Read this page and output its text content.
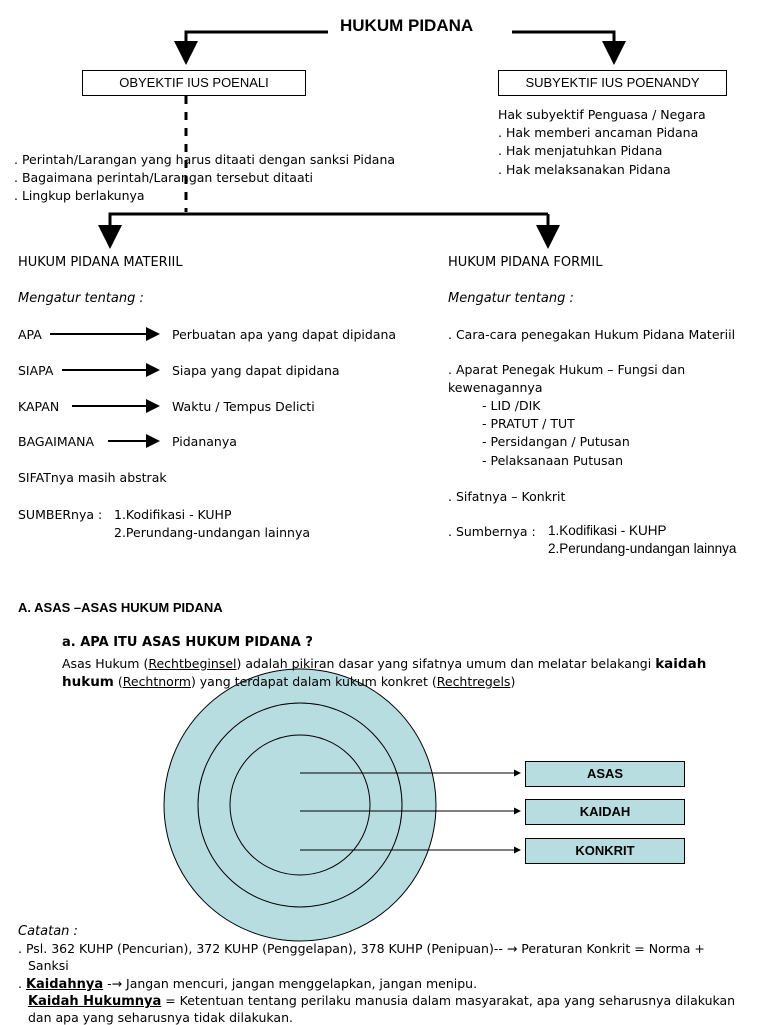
HUKUM PIDANA
OBYEKTIF IUS POENALI	SUBYEKTIF IUS POENANDY
Hak subyektif Penguasa / Negara
. Hak memberi ancaman Pidana
. Hak menjatuhkan Pidana
. Hak melaksanakan Pidana
. Perintah/Larangan yang harus ditaati dengan sanksi Pidana
. Bagaimana perintah/Larangan tersebut ditaati
. Lingkup berlakunya
HUKUM PIDANA MATERIIL
Mengatur tentang :
APA	Perbuatan apa yang dapat dipidana
SIAPA	Siapa yang dapat dipidana
KAPAN	Waktu / Tempus Delicti
BAGAIMANA	Pidananya
SIFATnya masih abstrak
SUMBERnya : 1.Kodifikasi - KUHP
2.Perundang-undangan lainnya
HUKUM PIDANA FORMIL
Mengatur tentang :
. Cara-cara penegakan Hukum Pidana Materiil
. Aparat Penegak Hukum – Fungsi dan
kewenagannya
- LID /DIK
- PRATUT / TUT
- Persidangan / Putusan
- Pelaksanaan Putusan
. Sifatnya – Konkrit
. Sumbernya : 1.Kodifikasi - KUHP
2.Perundang-undangan lainnya
A. ASAS –ASAS HUKUM PIDANA
a. APA ITU ASAS HUKUM PIDANA ?
Asas Hukum (Rechtbeginsel) adalah pikiran dasar yang sifatnya umum dan melatar belakangi kaidah
hukum (Rechtnorm) yang terdapat dalam kukum konkret (Rechtregels)
ASAS
KAIDAH
KONKRIT
Catatan :
. Psl. 362 KUHP (Pencurian), 372 KUHP (Penggelapan), 378 KUHP (Penipuan)-- → Peraturan Konkrit = Norma +
Sanksi
. Kaidahnya -→ Jangan mencuri, jangan menggelapkan, jangan menipu.
Kaidah Hukumnya = Ketentuan tentang perilaku manusia dalam masyarakat, apa yang seharusnya dilakukan
dan apa yang seharusnya tidak dilakukan.
